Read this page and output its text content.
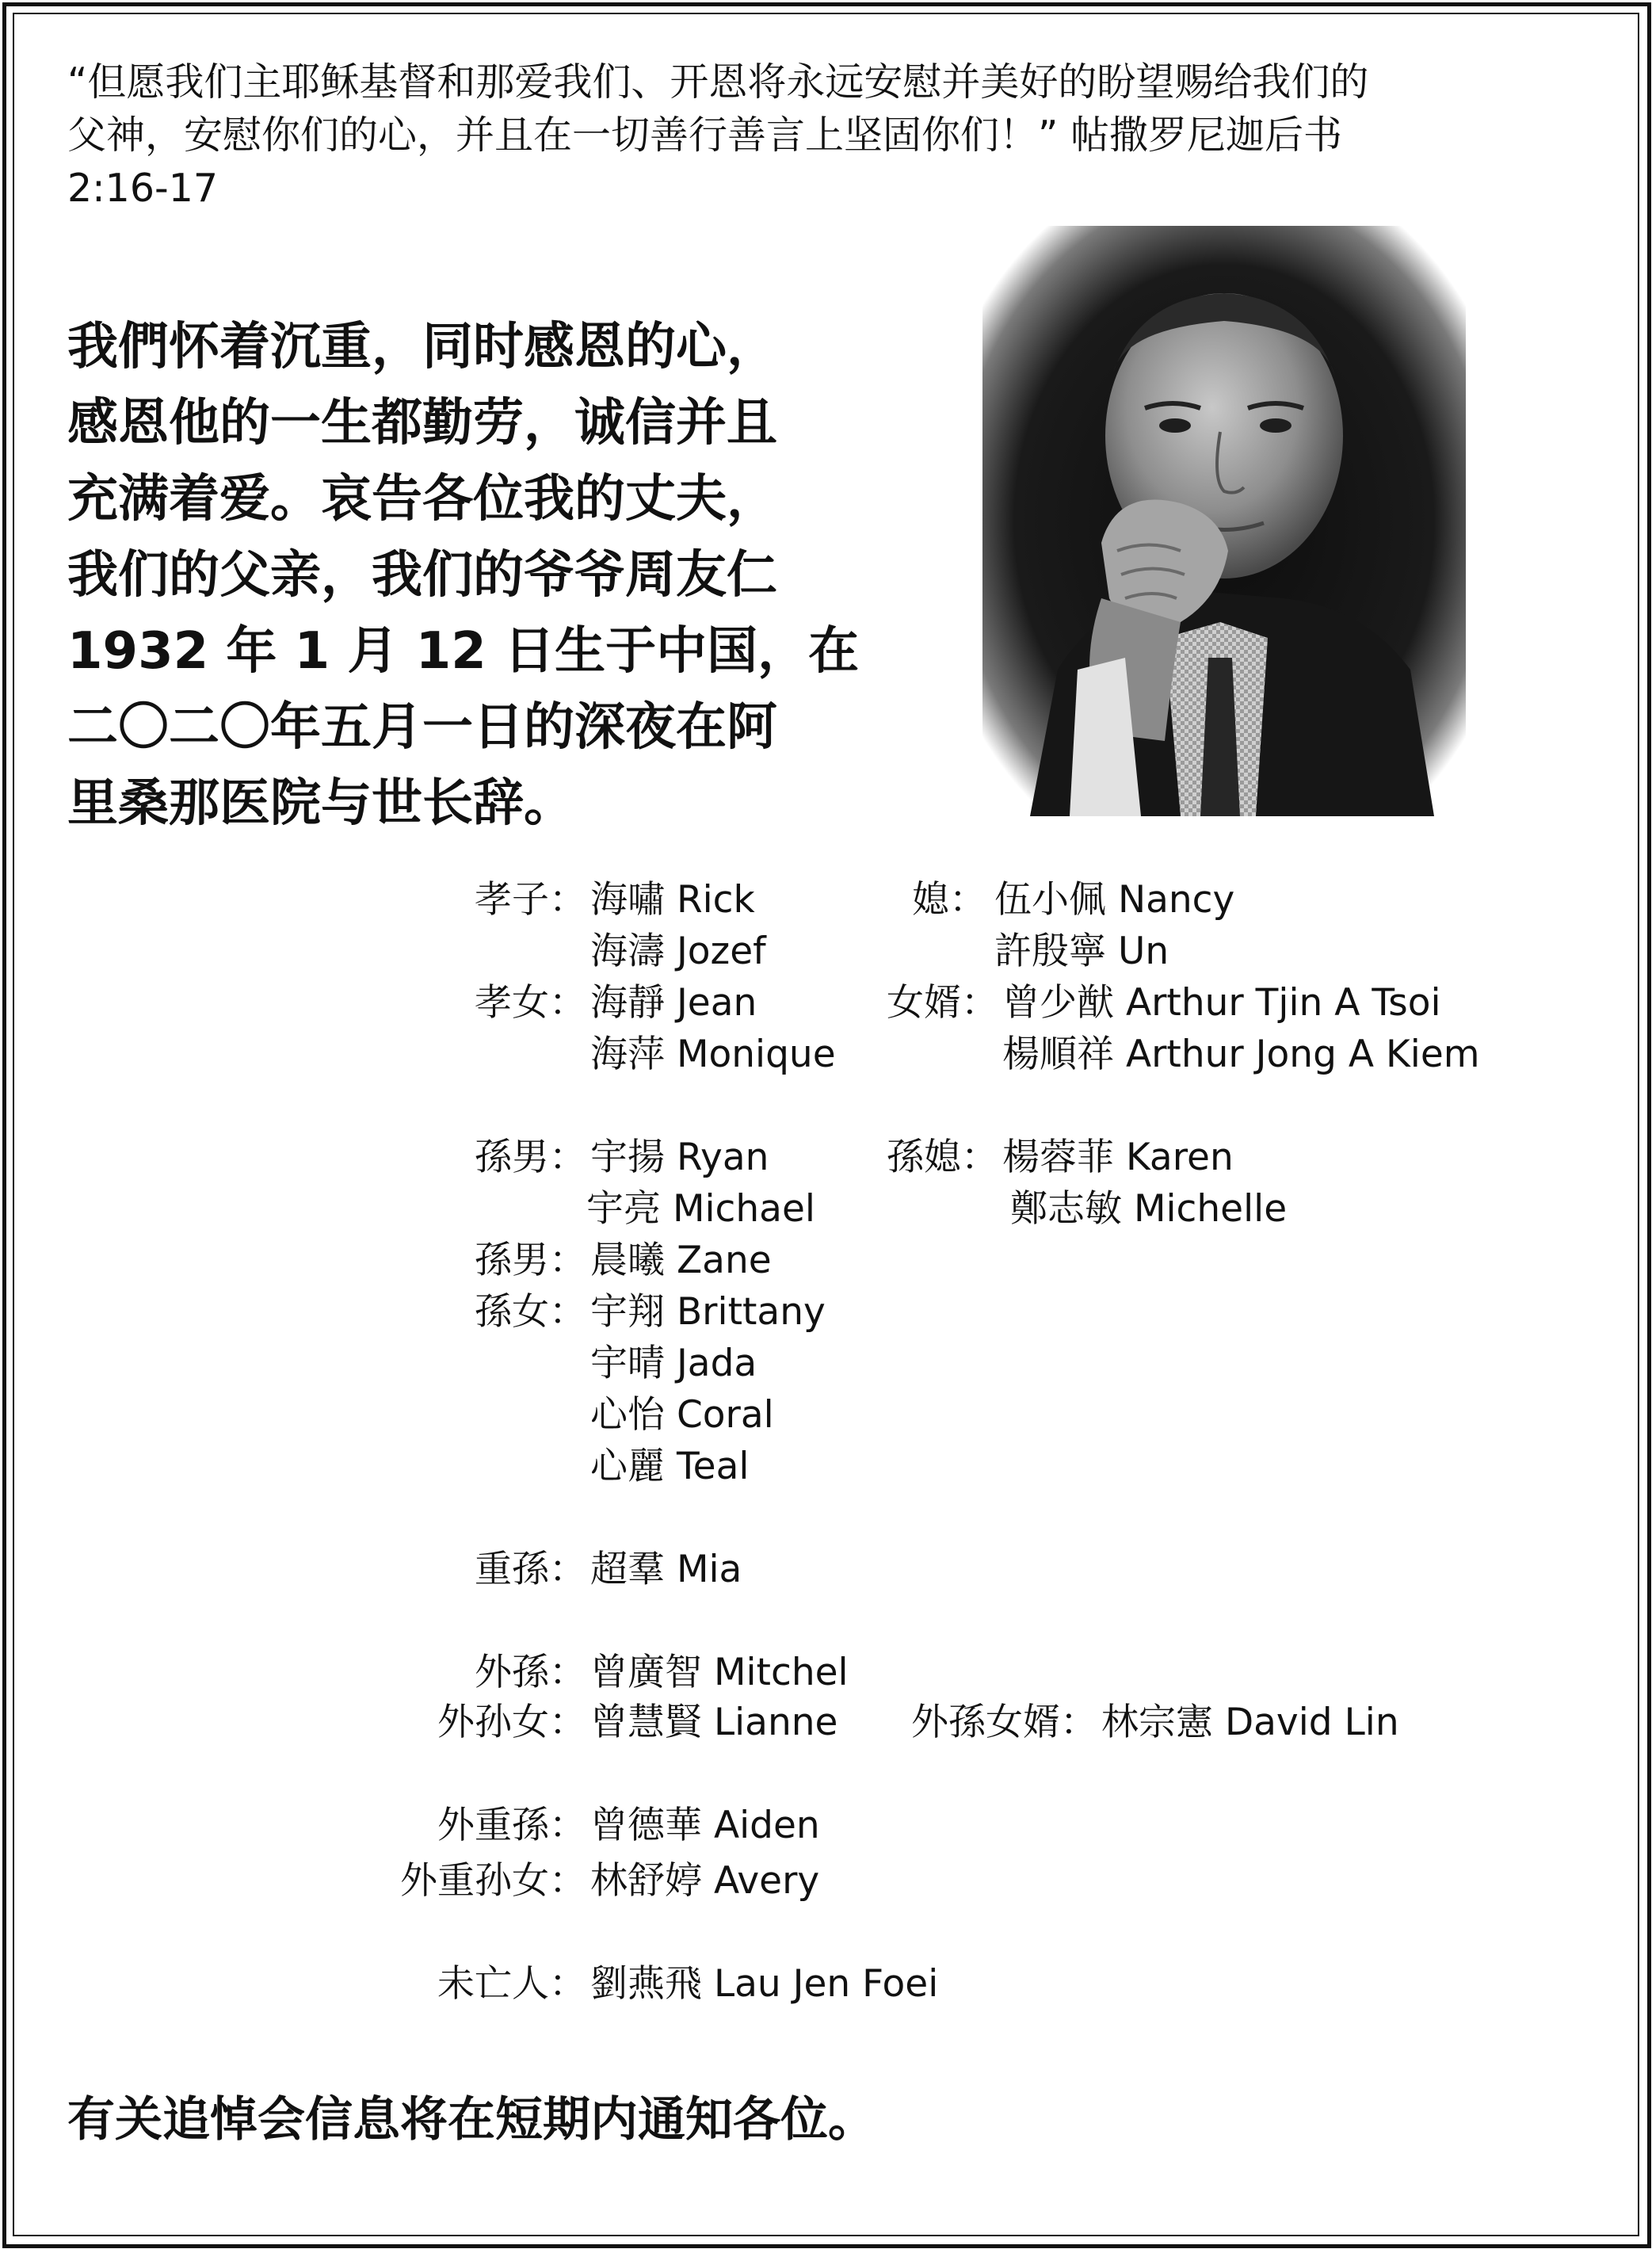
“但愿我们主耶稣基督和那爱我们、开恩将永远安慰并美好的盼望赐给我们的
父神，安慰你们的心，并且在一切善行善言上坚固你们！” 帖撒罗尼迦后书
2:16-17
我們怀着沉重，同时感恩的心，
感恩他的一生都勤劳，诚信并且
充满着爱。哀告各位我的丈夫，
我们的父亲，我们的爷爷周友仁
1932 年 1 月 12 日生于中国，在
二〇二〇年五月一日的深夜在阿
里桑那医院与世长辞。
孝子： 海嘯 Rick
海濤 Jozef
媳： 伍小佩 Nancy
許殷寧 Un
孝女： 海靜 Jean
海萍 Monique
女婿： 曾少猷 Arthur Tjin A Tsoi
楊順祥 Arthur Jong A Kiem
孫男： 宇揚 Ryan
宇亮 Michael
孫媳： 楊蓉菲 Karen
鄭志敏 Michelle
孫男： 晨曦 Zane
孫女： 宇翔 Brittany
宇晴 Jada
心怡 Coral
心麗 Teal
重孫： 超羣 Mia
外孫： 曾廣智 Mitchel
外孙女： 曾慧賢 Lianne	外孫女婿： 林宗憲 David Lin
外重孫： 曾德華 Aiden
外重孙女： 林舒婷 Avery
未亡人： 劉燕飛 Lau Jen Foei
有关追悼会信息将在短期内通知各位。
